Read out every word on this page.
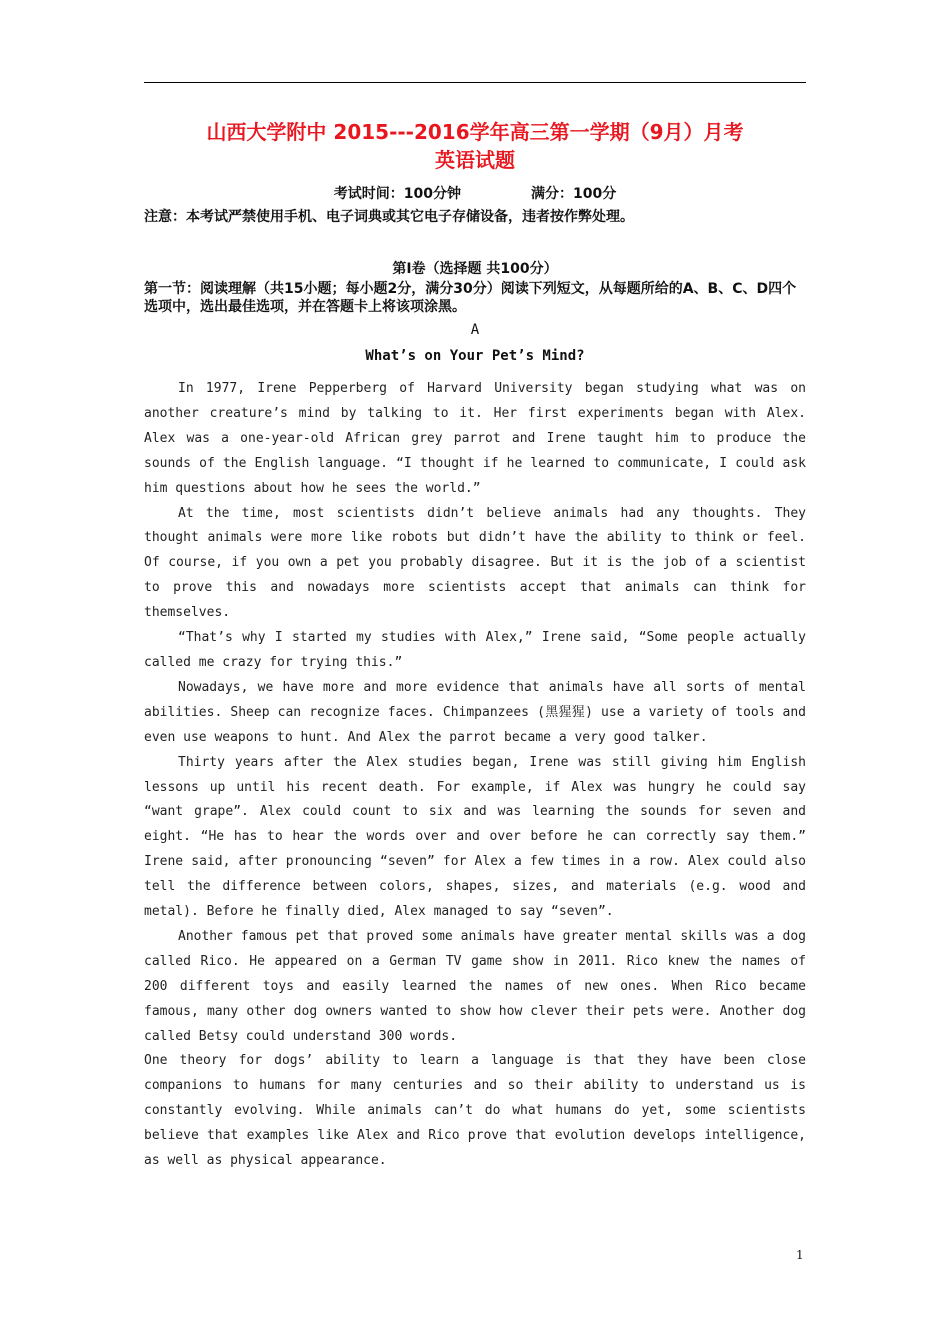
山西大学附中 2015---2016学年高三第一学期（9月）月考
英语试题
考试时间：100分钟	满分：100分
注意：本考试严禁使用手机、电子词典或其它电子存储设备，违者按作弊处理。
第Ⅰ卷（选择题 共100分）
第一节：阅读理解（共15小题；每小题2分，满分30分）阅读下列短文，从每题所给的A、B、C、D四个选项中，选出最佳选项，并在答题卡上将该项涂黑。
A
What’s on Your Pet’s Mind?

In 1977, Irene Pepperberg of Harvard University began studying what was on another creature’s mind by talking to it. Her first experiments began with Alex. Alex was a one-year-old African grey parrot and Irene taught him to produce the sounds of the English language. “I thought if he learned to communicate, I could ask him questions about how he sees the world.”

At the time, most scientists didn’t believe animals had any thoughts. They thought animals were more like robots but didn’t have the ability to think or feel. Of course, if you own a pet you probably disagree. But it is the job of a scientist to prove this and nowadays more scientists accept that animals can think for themselves.

“That’s why I started my studies with Alex,” Irene said, “Some people actually called me crazy for trying this.”

Nowadays, we have more and more evidence that animals have all sorts of mental abilities. Sheep can recognize faces. Chimpanzees (黑猩猩) use a variety of tools and even use weapons to hunt. And Alex the parrot became a very good talker.

Thirty years after the Alex studies began, Irene was still giving him English lessons up until his recent death. For example, if Alex was hungry he could say “want grape”. Alex could count to six and was learning the sounds for seven and eight. “He has to hear the words over and over before he can correctly say them.” Irene said, after pronouncing “seven” for Alex a few times in a row. Alex could also tell the difference between colors, shapes, sizes, and materials (e.g. wood and metal). Before he finally died, Alex managed to say “seven”.

Another famous pet that proved some animals have greater mental skills was a dog called Rico. He appeared on a German TV game show in 2011. Rico knew the names of 200 different toys and easily learned the names of new ones. When Rico became famous, many other dog owners wanted to show how clever their pets were. Another dog called Betsy could understand 300 words.

One theory for dogs’ ability to learn a language is that they have been close companions to humans for many centuries and so their ability to understand us is constantly evolving. While animals can’t do what humans do yet, some scientists believe that examples like Alex and Rico prove that evolution develops intelligence, as well as physical appearance.

1
